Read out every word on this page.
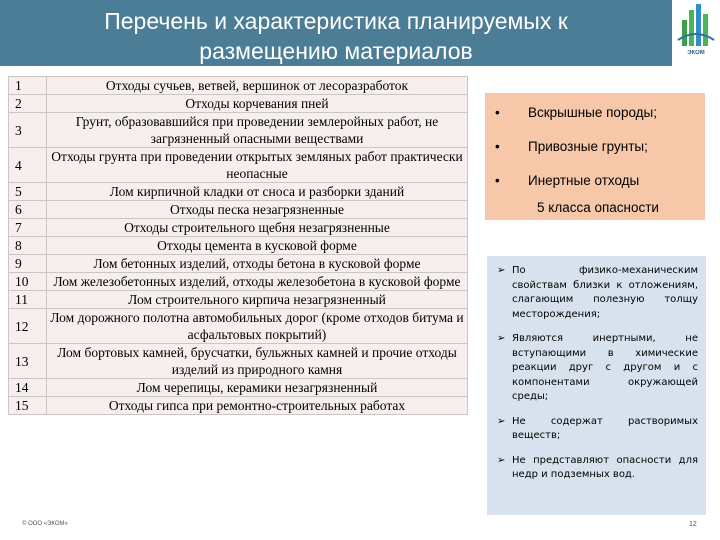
Перечень и характеристика планируемых к
размещению материалов	ЭКОМ
1	Отходы сучьев, ветвей, вершинок от лесоразработок
2	Отходы корчевания пней
3	Грунт, образовавшийся при проведении землеройных работ, не загрязненный опасными веществами
4	Отходы грунта при проведении открытых земляных работ практически неопасные
5	Лом кирпичной кладки от сноса и разборки зданий
6	Отходы песка незагрязненные
7	Отходы строительного щебня незагрязненные
8	Отходы цемента в кусковой форме
9	Лом бетонных изделий, отходы бетона в кусковой форме
10	Лом железобетонных изделий, отходы железобетона в кусковой форме
11	Лом строительного кирпича незагрязненный
12	Лом дорожного полотна автомобильных дорог (кроме отходов битума и асфальтовых покрытий)
13	Лом бортовых камней, брусчатки, бульжных камней и прочие отходы изделий из природного камня
14	Лом черепицы, керамики незагрязненный
15	Отходы гипса при ремонтно-строительных работах
• Вскрышные породы;
• Привозные грунты;
• Инертные отходы
5 класса опасности
➢ По физико-механическим свойствам близки к отложениям, слагающим полезную толщу месторождения;
➢ Являются инертными, не вступающими в химические реакции друг с другом и с компонентами окружающей среды;
➢ Не содержат растворимых веществ;
➢ Не представляют опасности для недр и подземных вод.
© ООО «ЭКОМ»	12
